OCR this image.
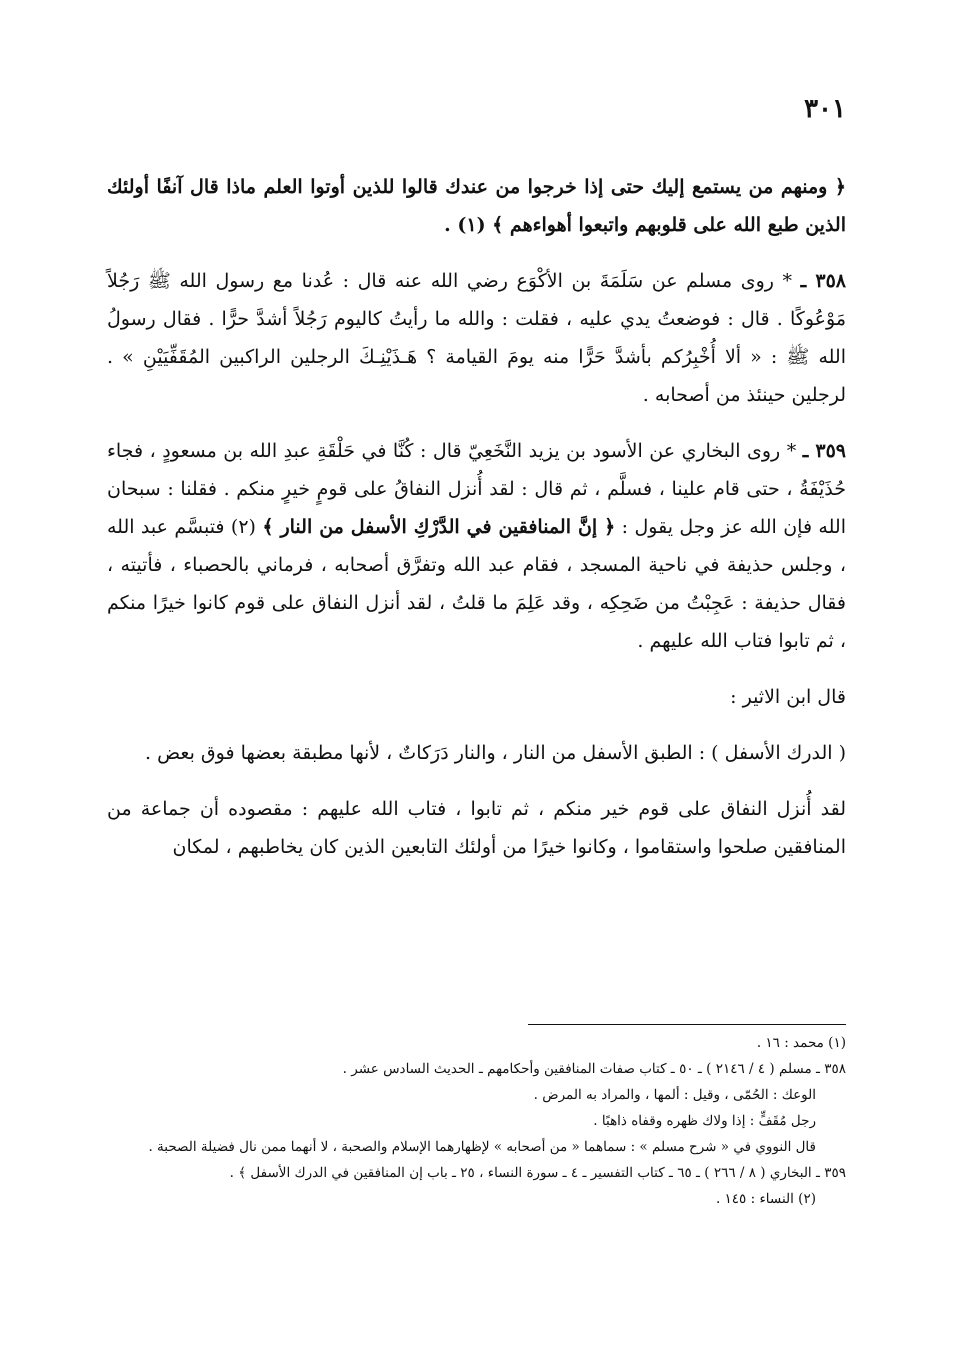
٣٠١

﴿ ومنهم من يستمع إليك حتى إذا خرجوا من عندك قالوا للذين أوتوا العلم ماذا قال آنفًا أولئك الذين طبع الله على قلوبهم واتبعوا أهواءهم ﴾ (١) .

٣٥٨ ـ * روى مسلم عن سَلَمَةَ بن الأكْوَع رضي الله عنه قال : عُدنا مع رسول الله ﷺ رَجُلاً مَوْعُوكًا . قال : فوضعتُ يدي عليه ، فقلت : والله ما رأيتُ كاليوم رَجُلاً أشدَّ حرًّا . فقال رسولُ الله ﷺ : « ألا أُخْبِرُكم بأشدَّ حَرًّا منه يومَ القيامة ؟ هَـذَيْنِـكَ الرجلين الراكبين المُقَفِّيَيْنِ » . لرجلين حينئذ من أصحابه .

٣٥٩ ـ * روى البخاري عن الأسود بن يزيد النَّخَعِيّ قال : كُنَّا في حَلْقَةِ عبدِ الله بن مسعودٍ ، فجاء حُذَيْفَةُ ، حتى قام علينا ، فسلَّم ، ثم قال : لقد أُنزل النفاقُ على قومٍ خيرٍ منكم . فقلنا : سبحان الله فإن الله عز وجل يقول : ﴿ إنَّ المنافقين في الدَّرْكِ الأسفل من النار ﴾ (٢) فتبسَّم عبد الله ، وجلس حذيفة في ناحية المسجد ، فقام عبد الله وتفرَّق أصحابه ، فرماني بالحصباء ، فأتيته ، فقال حذيفة : عَجِبْتُ من ضَحِكِه ، وقد عَلِمَ ما قلتُ ، لقد أنزل النفاق على قوم كانوا خيرًا منكم ، ثم تابوا فتاب الله عليهم .

قال ابن الاثير :

( الدرك الأسفل ) : الطبق الأسفل من النار ، والنار دَرَكاتٌ ، لأنها مطبقة بعضها فوق بعض .

لقد أُنزل النفاق على قوم خير منكم ، ثم تابوا ، فتاب الله عليهم : مقصوده أن جماعة من المنافقين صلحوا واستقاموا ، وكانوا خيرًا من أولئك التابعين الذين كان يخاطبهم ، لمكان

(١) محمد : ١٦ .

٣٥٨ ـ مسلم ( ٤ / ٢١٤٦ ) ـ ٥٠ ـ كتاب صفات المنافقين وأحكامهم ـ الحديث السادس عشر .

الوعك : الحُمّى ، وقيل : ألمها ، والمراد به المرض .

رجل مُقَفٍّ : إذا ولاك ظهره وقفاه ذاهبًا .

قال النووي في « شرح مسلم » : سماهما « من أصحابه » لإظهارهما الإسلام والصحبة ، لا أنهما ممن نال فضيلة الصحبة .

٣٥٩ ـ البخاري ( ٨ / ٢٦٦ ) ـ ٦٥ ـ كتاب التفسير ـ ٤ ـ سورة النساء ، ٢٥ ـ باب إن المنافقين في الدرك الأسفل ﴾ .

(٢) النساء : ١٤٥ .
